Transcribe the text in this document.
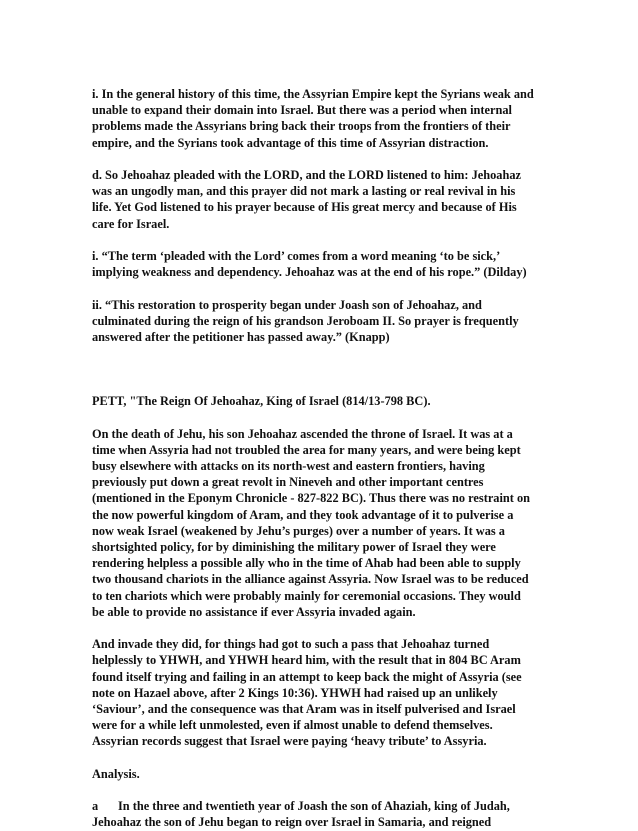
i. In the general history of this time, the Assyrian Empire kept the Syrians weak and
unable to expand their domain into Israel. But there was a period when internal
problems made the Assyrians bring back their troops from the frontiers of their
empire, and the Syrians took advantage of this time of Assyrian distraction.

d. So Jehoahaz pleaded with the LORD, and the LORD listened to him: Jehoahaz
was an ungodly man, and this prayer did not mark a lasting or real revival in his
life. Yet God listened to his prayer because of His great mercy and because of His
care for Israel.

i. “The term ‘pleaded with the Lord’ comes from a word meaning ‘to be sick,’
implying weakness and dependency. Jehoahaz was at the end of his rope.” (Dilday)

ii. “This restoration to prosperity began under Joash son of Jehoahaz, and
culminated during the reign of his grandson Jeroboam II. So prayer is frequently
answered after the petitioner has passed away.” (Knapp)

PETT, "The Reign Of Jehoahaz, King of Israel (814/13-798 BC).

On the death of Jehu, his son Jehoahaz ascended the throne of Israel. It was at a
time when Assyria had not troubled the area for many years, and were being kept
busy elsewhere with attacks on its north-west and eastern frontiers, having
previously put down a great revolt in Nineveh and other important centres
(mentioned in the Eponym Chronicle - 827-822 BC). Thus there was no restraint on
the now powerful kingdom of Aram, and they took advantage of it to pulverise a
now weak Israel (weakened by Jehu’s purges) over a number of years. It was a
shortsighted policy, for by diminishing the military power of Israel they were
rendering helpless a possible ally who in the time of Ahab had been able to supply
two thousand chariots in the alliance against Assyria. Now Israel was to be reduced
to ten chariots which were probably mainly for ceremonial occasions. They would
be able to provide no assistance if ever Assyria invaded again.

And invade they did, for things had got to such a pass that Jehoahaz turned
helplessly to YHWH, and YHWH heard him, with the result that in 804 BC Aram
found itself trying and failing in an attempt to keep back the might of Assyria (see
note on Hazael above, after 2 Kings 10:36). YHWH had raised up an unlikely
‘Saviour’, and the consequence was that Aram was in itself pulverised and Israel
were for a while left unmolested, even if almost unable to defend themselves.
Assyrian records suggest that Israel were paying ‘heavy tribute’ to Assyria.

Analysis.

a In the three and twentieth year of Joash the son of Ahaziah, king of Judah,
Jehoahaz the son of Jehu began to reign over Israel in Samaria, and reigned
